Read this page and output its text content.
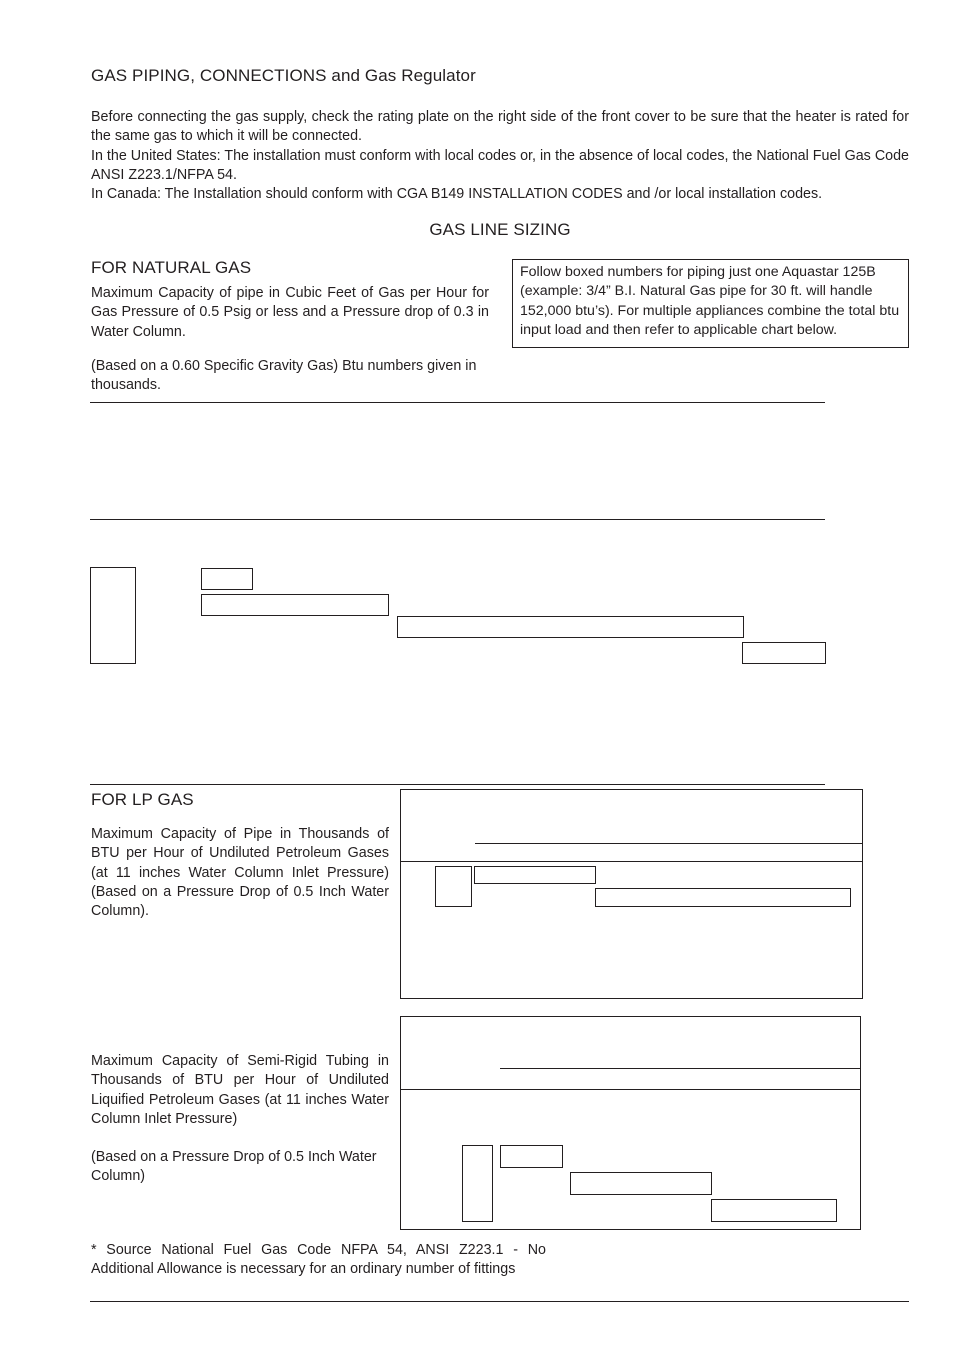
GAS PIPING, CONNECTIONS and Gas Regulator
Before connecting the gas supply, check the rating plate on the right side of the front cover to be sure that the heater is rated for the same gas to which it will be connected.
In the United States: The installation must conform with local codes or, in the absence of local codes, the National Fuel Gas Code ANSI Z223.1/NFPA 54.
In Canada: The Installation should conform with CGA B149 INSTALLATION CODES and /or local installation codes.
GAS LINE SIZING
FOR NATURAL GAS
Maximum Capacity of pipe in Cubic Feet of Gas per Hour for Gas Pressure of 0.5 Psig or less and a Pressure drop of 0.3 in Water Column.
(Based on a 0.60 Specific Gravity Gas) Btu numbers given in thousands.
Follow boxed numbers for piping just one Aquastar 125B (example: 3/4” B.I. Natural Gas pipe for 30 ft. will handle 152,000 btu’s). For multiple appliances combine the total btu input load and then refer to applicable chart below.
FOR LP GAS
Maximum Capacity of Pipe in Thousands of BTU per Hour of Undiluted Petroleum Gases (at 11 inches Water Column Inlet Pressure) (Based on a Pressure Drop of 0.5 Inch Water Column).
Maximum Capacity of Semi-Rigid Tubing in Thousands of BTU per Hour of Undiluted Liquified Petroleum Gases (at 11 inches Water Column Inlet Pressure)
(Based on a Pressure Drop of 0.5 Inch Water Column)
* Source National Fuel Gas Code NFPA 54, ANSI Z223.1 - No Additional Allowance is necessary for an ordinary number of fittings
